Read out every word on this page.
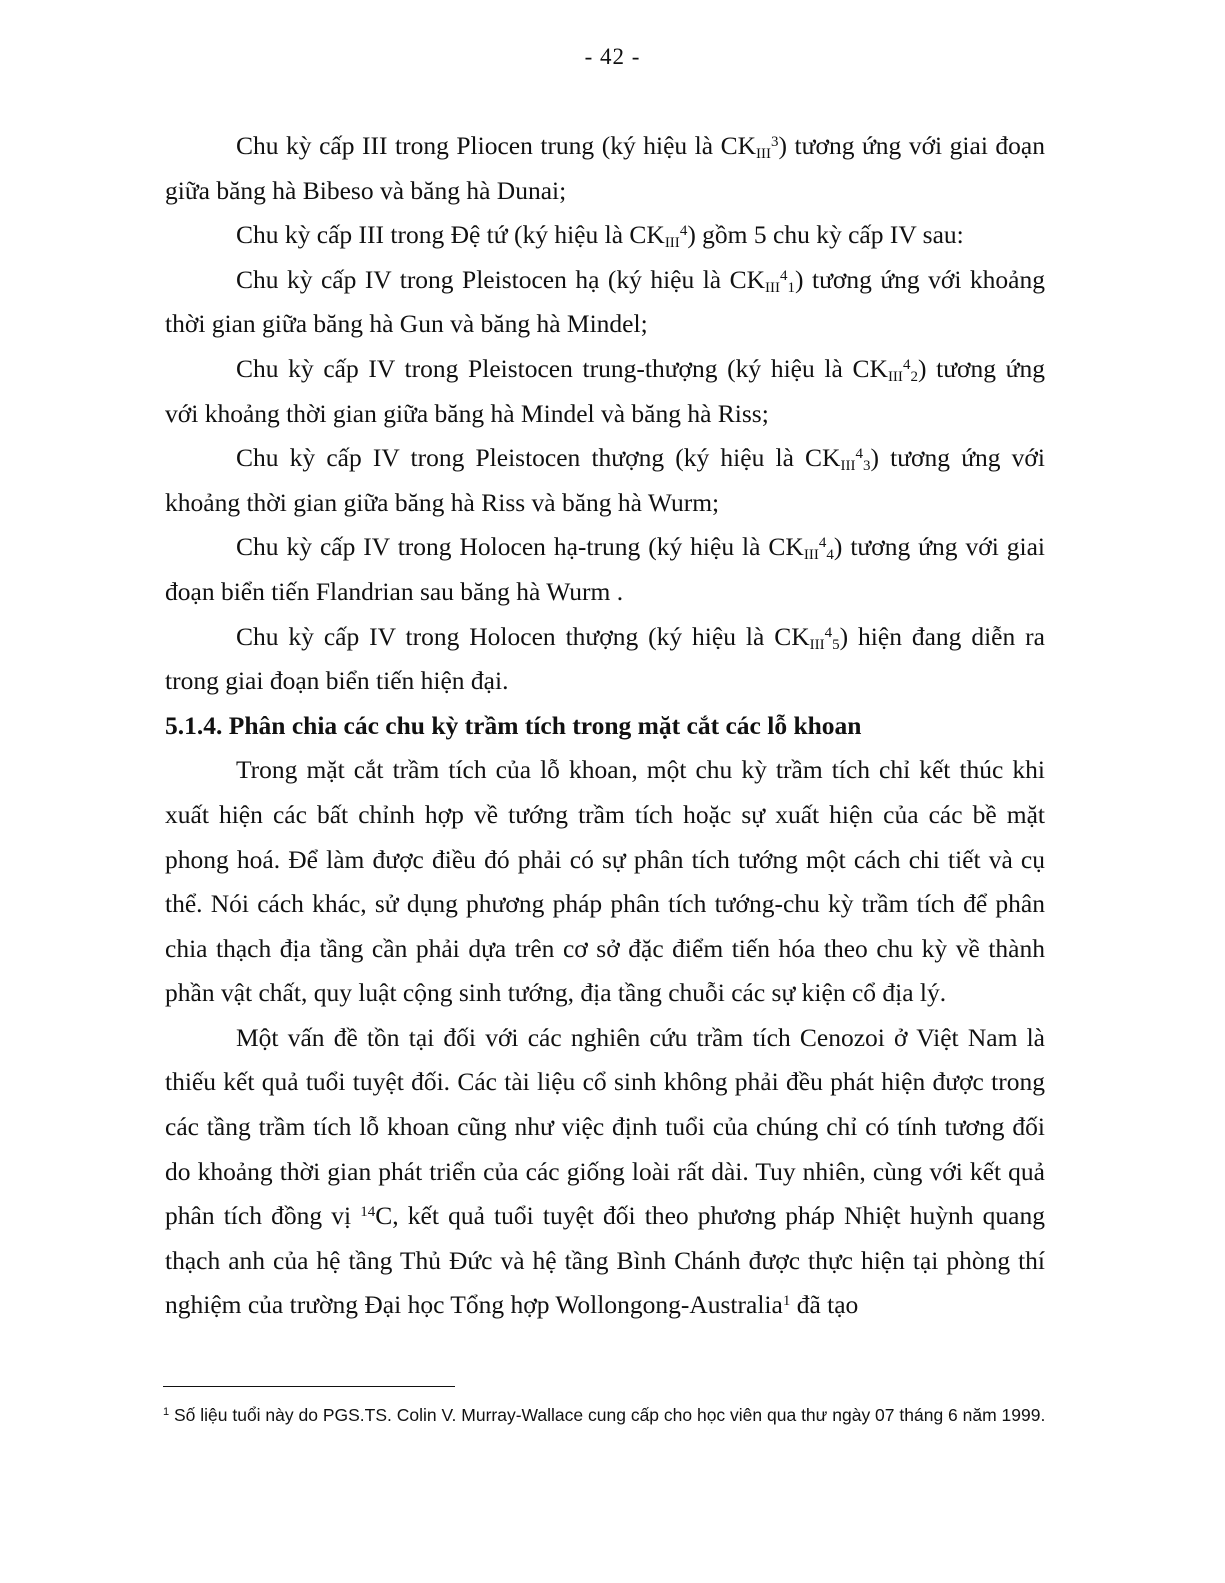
- 42 -

Chu kỳ cấp III trong Pliocen trung (ký hiệu là $CK_{III}^3$) tương ứng với giai đoạn giữa băng hà Bibeso và băng hà Dunai;

Chu kỳ cấp III trong Đệ tứ (ký hiệu là $CK_{III}^4$) gồm 5 chu kỳ cấp IV sau:

Chu kỳ cấp IV trong Pleistocen hạ (ký hiệu là $CK_{III}^4_1$) tương ứng với khoảng thời gian giữa băng hà Gun và băng hà Mindel;

Chu kỳ cấp IV trong Pleistocen trung-thượng (ký hiệu là $CK_{III}^4_2$) tương ứng với khoảng thời gian giữa băng hà Mindel và băng hà Riss;

Chu kỳ cấp IV trong Pleistocen thượng (ký hiệu là $CK_{III}^4_3$) tương ứng với khoảng thời gian giữa băng hà Riss và băng hà Wurm;

Chu kỳ cấp IV trong Holocen hạ-trung (ký hiệu là $CK_{III}^4_4$) tương ứng với giai đoạn biển tiến Flandrian sau băng hà Wurm .

Chu kỳ cấp IV trong Holocen thượng (ký hiệu là $CK_{III}^4_5$) hiện đang diễn ra trong giai đoạn biển tiến hiện đại.

5.1.4. Phân chia các chu kỳ trầm tích trong mặt cắt các lỗ khoan

Trong mặt cắt trầm tích của lỗ khoan, một chu kỳ trầm tích chỉ kết thúc khi xuất hiện các bất chỉnh hợp về tướng trầm tích hoặc sự xuất hiện của các bề mặt phong hoá. Để làm được điều đó phải có sự phân tích tướng một cách chi tiết và cụ thể. Nói cách khác, sử dụng phương pháp phân tích tướng-chu kỳ trầm tích để phân chia thạch địa tầng cần phải dựa trên cơ sở đặc điểm tiến hóa theo chu kỳ về thành phần vật chất, quy luật cộng sinh tướng, địa tầng chuỗi các sự kiện cổ địa lý.

Một vấn đề tồn tại đối với các nghiên cứu trầm tích Cenozoi ở Việt Nam là thiếu kết quả tuổi tuyệt đối. Các tài liệu cổ sinh không phải đều phát hiện được trong các tầng trầm tích lỗ khoan cũng như việc định tuổi của chúng chỉ có tính tương đối do khoảng thời gian phát triển của các giống loài rất dài. Tuy nhiên, cùng với kết quả phân tích đồng vị $^{14}$C, kết quả tuổi tuyệt đối theo phương pháp Nhiệt huỳnh quang thạch anh của hệ tầng Thủ Đức và hệ tầng Bình Chánh được thực hiện tại phòng thí nghiệm của trường Đại học Tổng hợp Wollongong-Australia$^1$ đã tạo

$^1$ Số liệu tuổi này do PGS.TS. Colin V. Murray-Wallace cung cấp cho học viên qua thư ngày 07 tháng 6 năm 1999.
